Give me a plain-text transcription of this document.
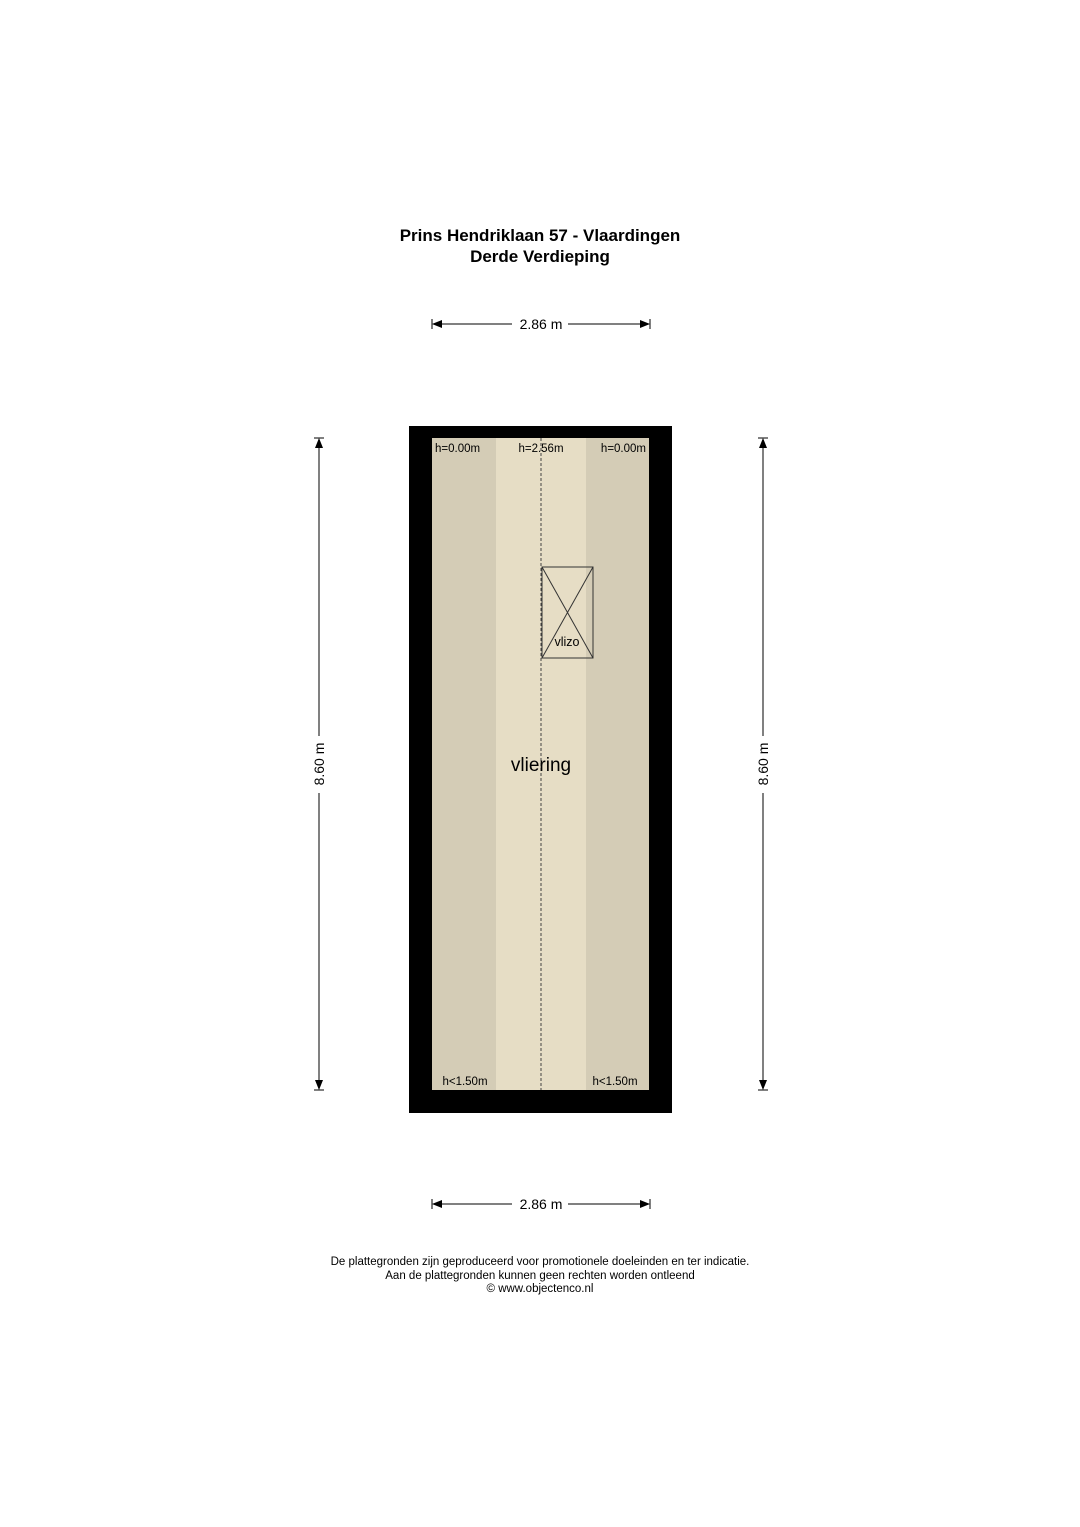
Prins Hendriklaan 57 - Vlaardingen
Derde Verdieping
2.86 m
2.86 m
8.60 m	8.60 m
vlizo
h=0.00m	h=2.56m	h=0.00m
h<1.50m	h<1.50m
vliering
De plattegronden zijn geproduceerd voor promotionele doeleinden en ter indicatie.
Aan de plattegronden kunnen geen rechten worden ontleend
© www.objectenco.nl
